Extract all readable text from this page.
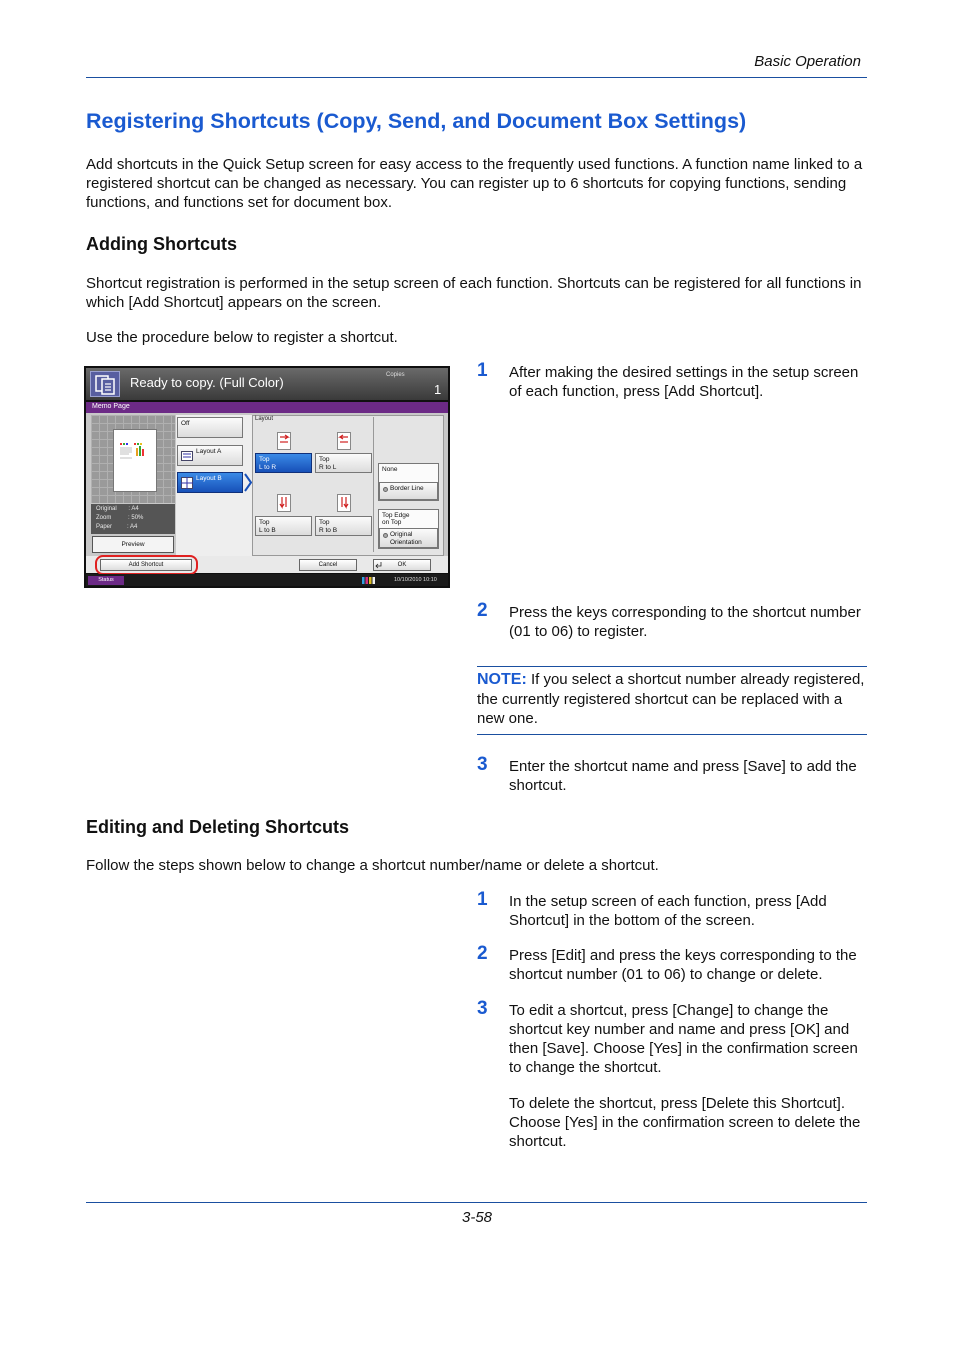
Basic Operation
Registering Shortcuts (Copy, Send, and Document Box Settings)
Add shortcuts in the Quick Setup screen for easy access to the frequently used functions. A function name linked to a registered shortcut can be changed as necessary. You can register up to 6 shortcuts for copying functions, sending functions, and functions set for document box.
Adding Shortcuts
Shortcut registration is performed in the setup screen of each function. Shortcuts can be registered for all functions in which [Add Shortcut] appears on the screen.
Use the procedure below to register a shortcut.
Ready to copy. (Full Color)	Copies
1
Memo Page
Original       : A4
Zoom          : 50%
Paper         : A4
Preview
Off
Layout A
Layout B
Layout
Top
L to R
Top
R to L
Top
L to B
Top
R to B
None
Border Line
Top Edge
on Top
Original
Orientation
Add Shortcut	Cancel	OK
Status	10/10/2010 10:10
1 After making the desired settings in the setup screen of each function, press [Add Shortcut].
2 Press the keys corresponding to the shortcut number (01 to 06) to register.
NOTE: If you select a shortcut number already registered, the currently registered shortcut can be replaced with a new one.
3 Enter the shortcut name and press [Save] to add the shortcut.
Editing and Deleting Shortcuts
Follow the steps shown below to change a shortcut number/name or delete a shortcut.
1 In the setup screen of each function, press [Add Shortcut] in the bottom of the screen.
2 Press [Edit] and press the keys corresponding to the shortcut number (01 to 06) to change or delete.
3 To edit a shortcut, press [Change] to change the shortcut key number and name and press [OK] and then [Save]. Choose [Yes] in the confirmation screen to change the shortcut.
To delete the shortcut, press [Delete this Shortcut]. Choose [Yes] in the confirmation screen to delete the shortcut.
3-58
